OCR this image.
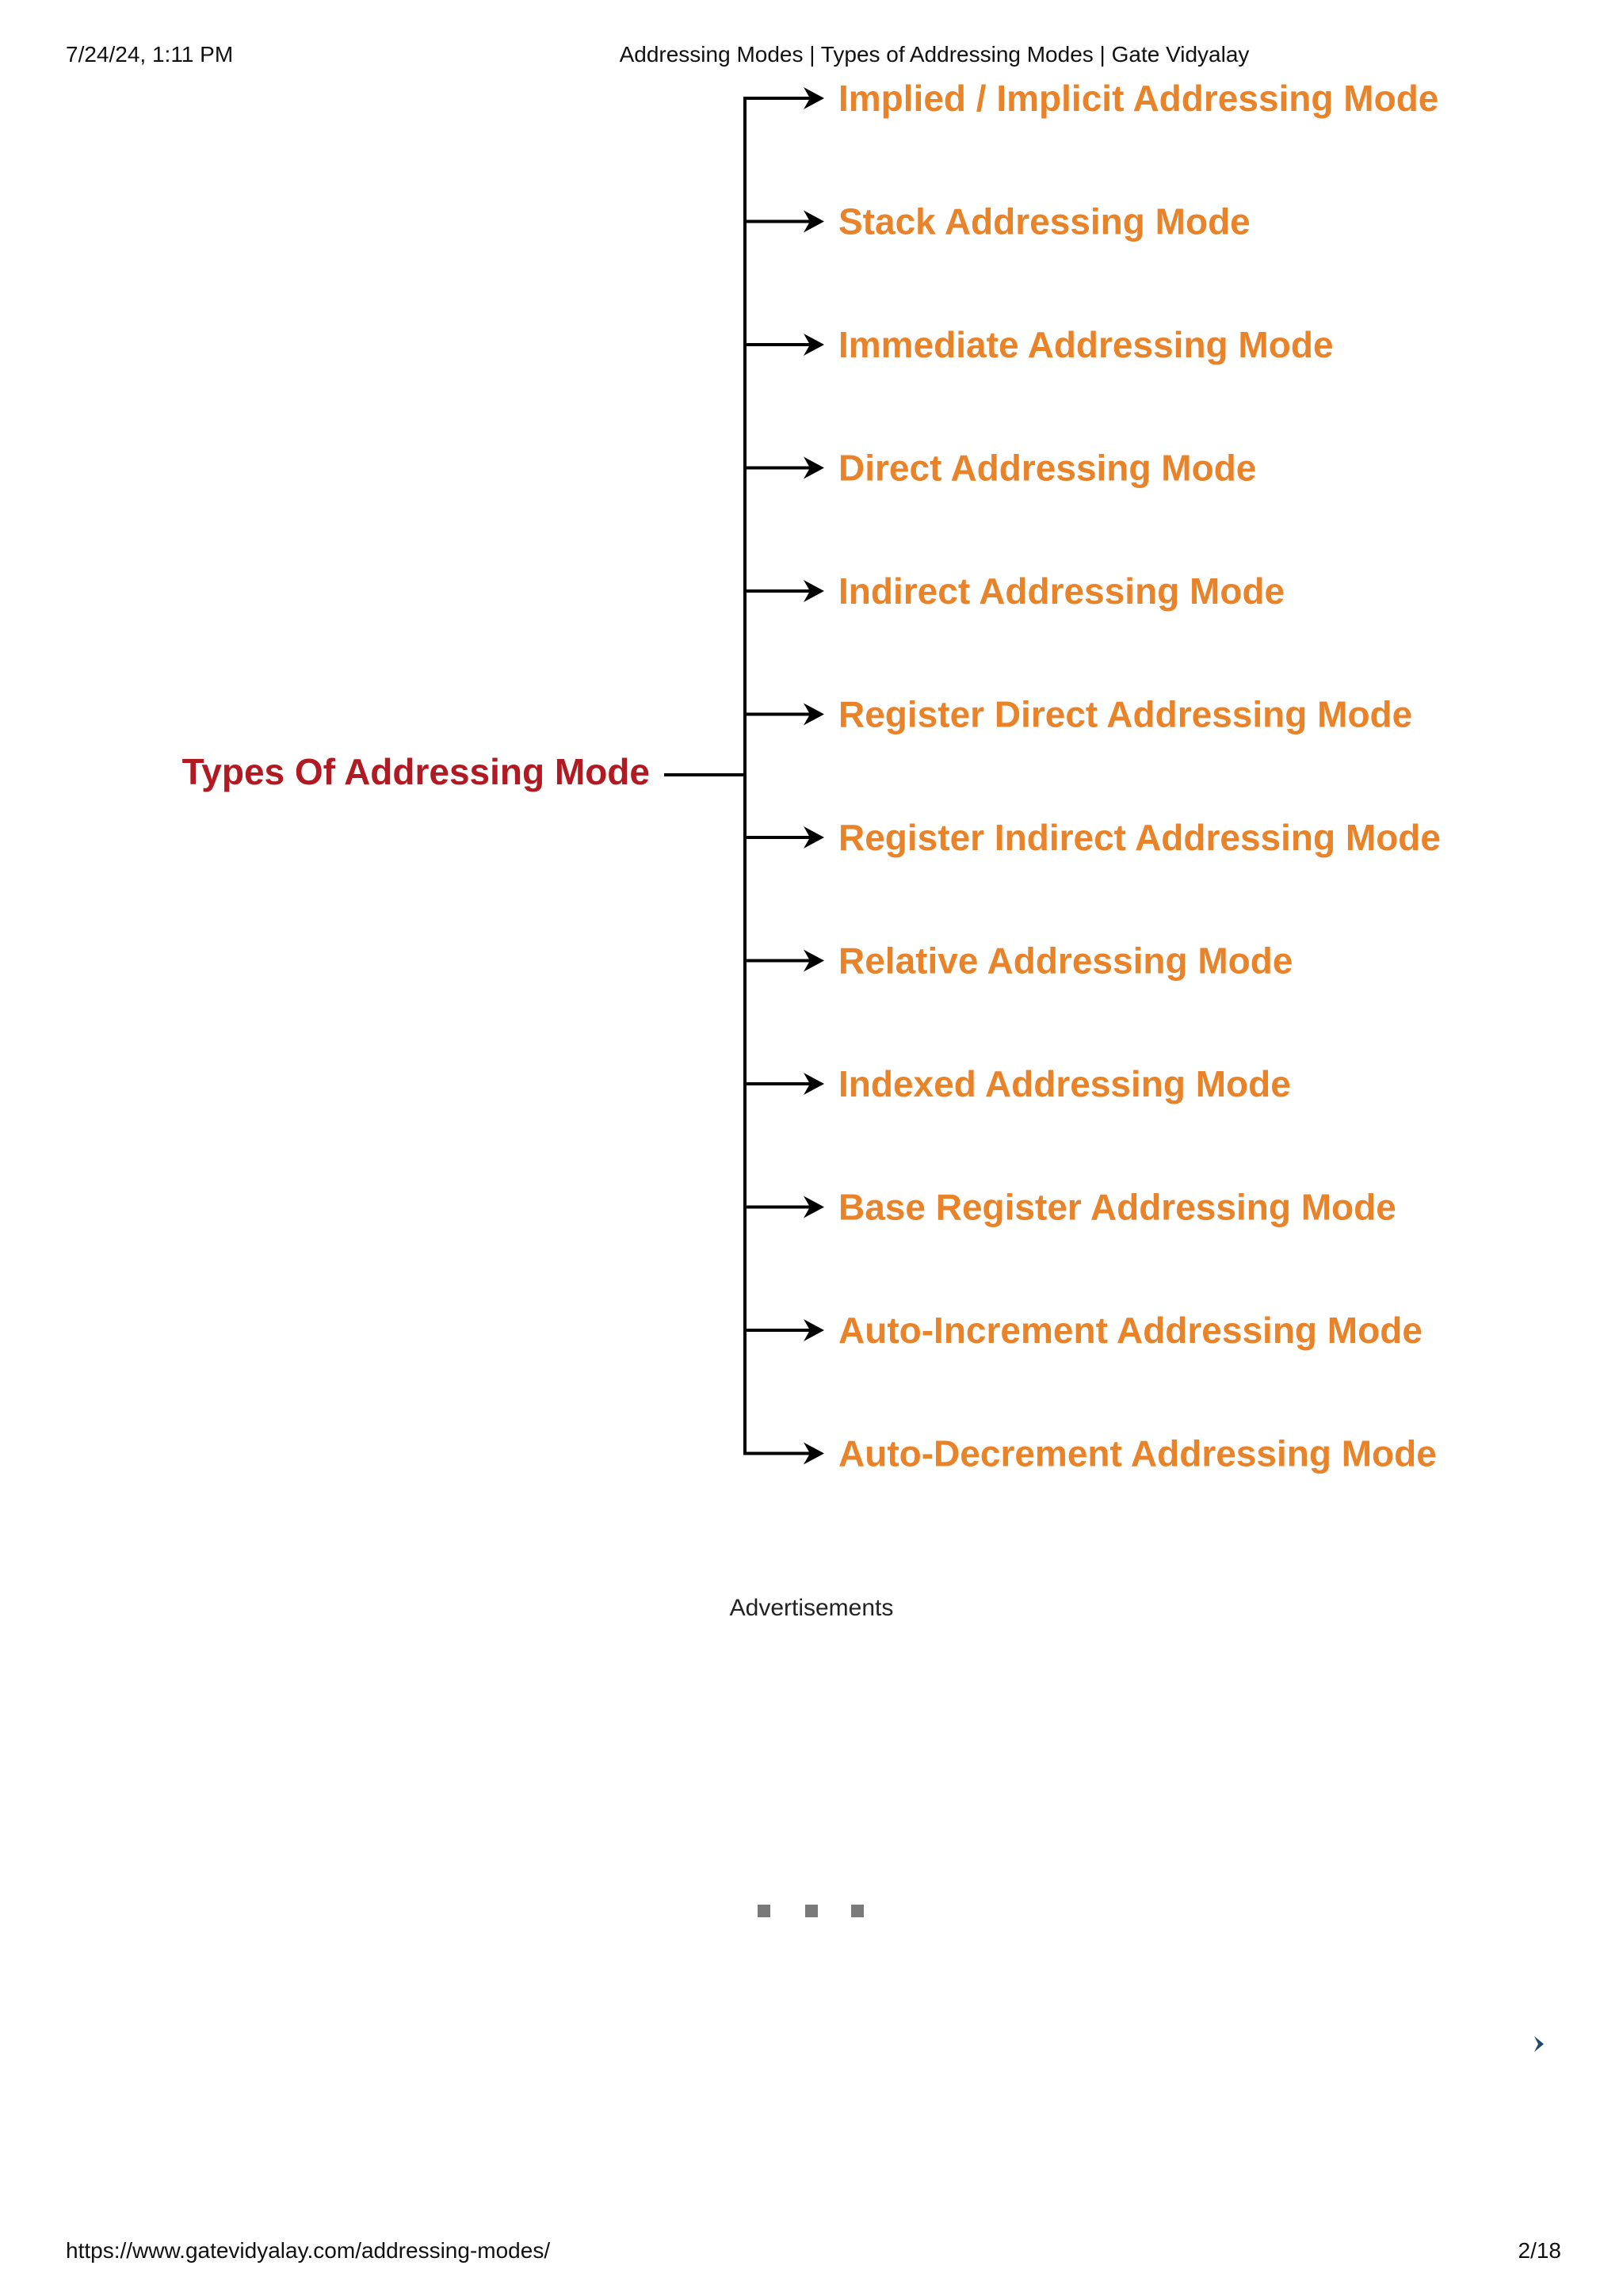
7/24/24, 1:11 PM	Addressing Modes | Types of Addressing Modes | Gate Vidyalay
Types Of Addressing Mode
Implied / Implicit Addressing Mode
Stack Addressing Mode
Immediate Addressing Mode
Direct Addressing Mode
Indirect Addressing Mode
Register Direct Addressing Mode
Register Indirect Addressing Mode
Relative Addressing Mode
Indexed Addressing Mode
Base Register Addressing Mode
Auto-Increment Addressing Mode
Auto-Decrement Addressing Mode
Advertisements
https://www.gatevidyalay.com/addressing-modes/	2/18
